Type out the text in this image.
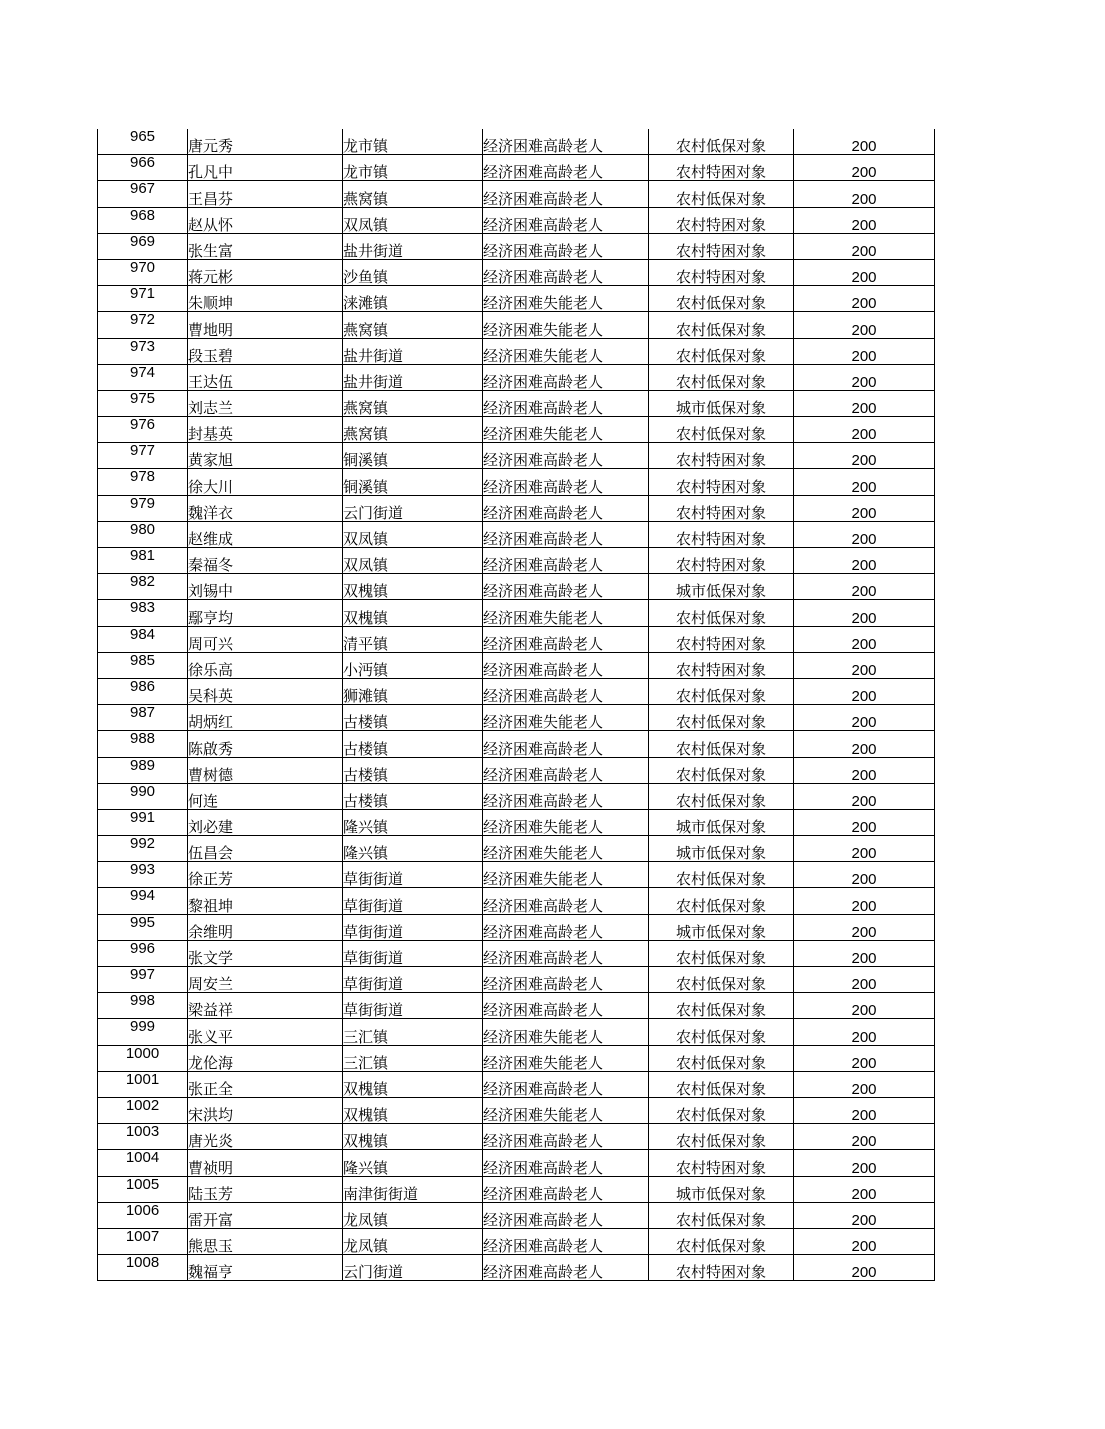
965	唐元秀	龙市镇	经济困难高龄老人	农村低保对象	200
966	孔凡中	龙市镇	经济困难高龄老人	农村特困对象	200
967	王昌芬	燕窝镇	经济困难高龄老人	农村低保对象	200
968	赵从怀	双凤镇	经济困难高龄老人	农村特困对象	200
969	张生富	盐井街道	经济困难高龄老人	农村特困对象	200
970	蒋元彬	沙鱼镇	经济困难高龄老人	农村特困对象	200
971	朱顺坤	涞滩镇	经济困难失能老人	农村低保对象	200
972	曹地明	燕窝镇	经济困难失能老人	农村低保对象	200
973	段玉碧	盐井街道	经济困难失能老人	农村低保对象	200
974	王达伍	盐井街道	经济困难高龄老人	农村低保对象	200
975	刘志兰	燕窝镇	经济困难高龄老人	城市低保对象	200
976	封基英	燕窝镇	经济困难失能老人	农村低保对象	200
977	黄家旭	铜溪镇	经济困难高龄老人	农村特困对象	200
978	徐大川	铜溪镇	经济困难高龄老人	农村特困对象	200
979	魏洋衣	云门街道	经济困难高龄老人	农村特困对象	200
980	赵维成	双凤镇	经济困难高龄老人	农村特困对象	200
981	秦福冬	双凤镇	经济困难高龄老人	农村特困对象	200
982	刘锡中	双槐镇	经济困难高龄老人	城市低保对象	200
983	鄢亨均	双槐镇	经济困难失能老人	农村低保对象	200
984	周可兴	清平镇	经济困难高龄老人	农村特困对象	200
985	徐乐高	小沔镇	经济困难高龄老人	农村特困对象	200
986	吴科英	狮滩镇	经济困难高龄老人	农村低保对象	200
987	胡炳红	古楼镇	经济困难失能老人	农村低保对象	200
988	陈啟秀	古楼镇	经济困难高龄老人	农村低保对象	200
989	曹树德	古楼镇	经济困难高龄老人	农村低保对象	200
990	何连	古楼镇	经济困难高龄老人	农村低保对象	200
991	刘必建	隆兴镇	经济困难失能老人	城市低保对象	200
992	伍昌会	隆兴镇	经济困难失能老人	城市低保对象	200
993	徐正芳	草街街道	经济困难失能老人	农村低保对象	200
994	黎祖坤	草街街道	经济困难高龄老人	农村低保对象	200
995	余维明	草街街道	经济困难高龄老人	城市低保对象	200
996	张文学	草街街道	经济困难高龄老人	农村低保对象	200
997	周安兰	草街街道	经济困难高龄老人	农村低保对象	200
998	梁益祥	草街街道	经济困难高龄老人	农村低保对象	200
999	张义平	三汇镇	经济困难失能老人	农村低保对象	200
1000	龙伦海	三汇镇	经济困难失能老人	农村低保对象	200
1001	张正全	双槐镇	经济困难高龄老人	农村低保对象	200
1002	宋洪均	双槐镇	经济困难失能老人	农村低保对象	200
1003	唐光炎	双槐镇	经济困难高龄老人	农村低保对象	200
1004	曹祯明	隆兴镇	经济困难高龄老人	农村特困对象	200
1005	陆玉芳	南津街街道	经济困难高龄老人	城市低保对象	200
1006	雷开富	龙凤镇	经济困难高龄老人	农村低保对象	200
1007	熊思玉	龙凤镇	经济困难高龄老人	农村低保对象	200
1008	魏福亨	云门街道	经济困难高龄老人	农村特困对象	200
